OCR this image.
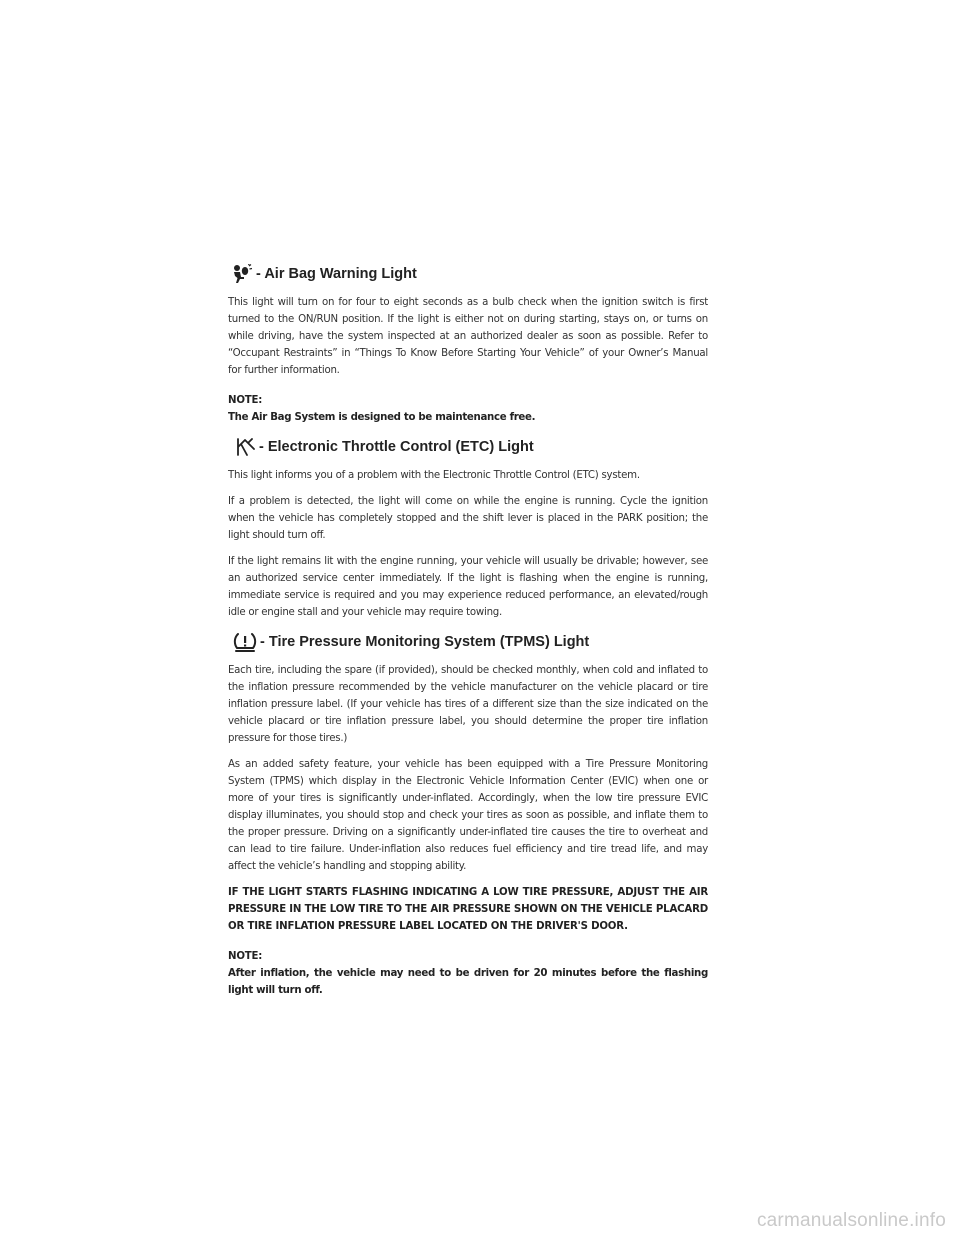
- Air Bag Warning Light

This light will turn on for four to eight seconds as a bulb check when the ignition switch is first turned to the ON/RUN position. If the light is either not on during starting, stays on, or turns on while driving, have the system inspected at an authorized dealer as soon as possible. Refer to “Occupant Restraints” in “Things To Know Before Starting Your Vehicle” of your Owner’s Manual for further information.

NOTE:
The Air Bag System is designed to be maintenance free.
- Electronic Throttle Control (ETC) Light

This light informs you of a problem with the Electronic Throttle Control (ETC) system.

If a problem is detected, the light will come on while the engine is running. Cycle the ignition when the vehicle has completely stopped and the shift lever is placed in the PARK position; the light should turn off.

If the light remains lit with the engine running, your vehicle will usually be drivable; however, see an authorized service center immediately. If the light is flashing when the engine is running, immediate service is required and you may experience reduced performance, an elevated/rough idle or engine stall and your vehicle may require towing.

- Tire Pressure Monitoring System (TPMS) Light

Each tire, including the spare (if provided), should be checked monthly, when cold and inflated to the inflation pressure recommended by the vehicle manufacturer on the vehicle placard or tire inflation pressure label. (If your vehicle has tires of a different size than the size indicated on the vehicle placard or tire inflation pressure label, you should determine the proper tire inflation pressure for those tires.)

As an added safety feature, your vehicle has been equipped with a Tire Pressure Monitoring System (TPMS) which display in the Electronic Vehicle Information Center (EVIC) when one or more of your tires is significantly under-inflated. Accordingly, when the low tire pressure EVIC display illuminates, you should stop and check your tires as soon as possible, and inflate them to the proper pressure. Driving on a significantly under-inflated tire causes the tire to overheat and can lead to tire failure. Under-inflation also reduces fuel efficiency and tire tread life, and may affect the vehicle’s handling and stopping ability.

IF THE LIGHT STARTS FLASHING INDICATING A LOW TIRE PRESSURE, ADJUST THE AIR PRESSURE IN THE LOW TIRE TO THE AIR PRESSURE SHOWN ON THE VEHICLE PLACARD OR TIRE INFLATION PRESSURE LABEL LOCATED ON THE DRIVER'S DOOR.

NOTE:
After inflation, the vehicle may need to be driven for 20 minutes before the flashing light will turn off.
carmanualsonline.info
